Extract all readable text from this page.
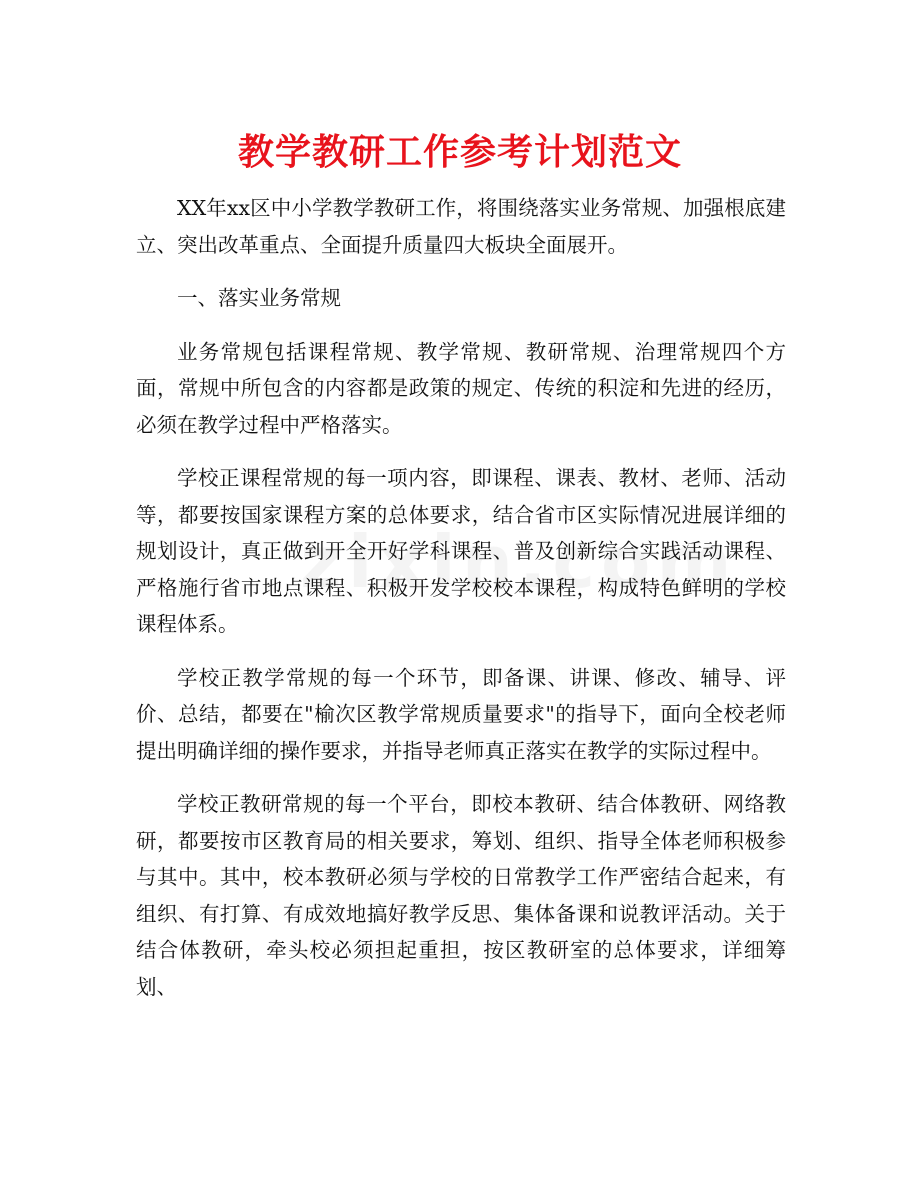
教学教研工作参考计划范文

XX年xx区中小学教学教研工作，将围绕落实业务常规、加强根底建立、突出改革重点、全面提升质量四大板块全面展开。

一、落实业务常规

业务常规包括课程常规、教学常规、教研常规、治理常规四个方面，常规中所包含的内容都是政策的规定、传统的积淀和先进的经历，必须在教学过程中严格落实。

学校正课程常规的每一项内容，即课程、课表、教材、老师、活动等，都要按国家课程方案的总体要求，结合省市区实际情况进展详细的规划设计，真正做到开全开好学科课程、普及创新综合实践活动课程、严格施行省市地点课程、积极开发学校校本课程，构成特色鲜明的学校课程体系。

学校正教学常规的每一个环节，即备课、讲课、修改、辅导、评价、总结，都要在"榆次区教学常规质量要求"的指导下，面向全校老师提出明确详细的操作要求，并指导老师真正落实在教学的实际过程中。

学校正教研常规的每一个平台，即校本教研、结合体教研、网络教研，都要按市区教育局的相关要求，筹划、组织、指导全体老师积极参与其中。其中，校本教研必须与学校的日常教学工作严密结合起来，有组织、有打算、有成效地搞好教学反思、集体备课和说教评活动。关于结合体教研，牵头校必须担起重担，按区教研室的总体要求，详细筹划、
